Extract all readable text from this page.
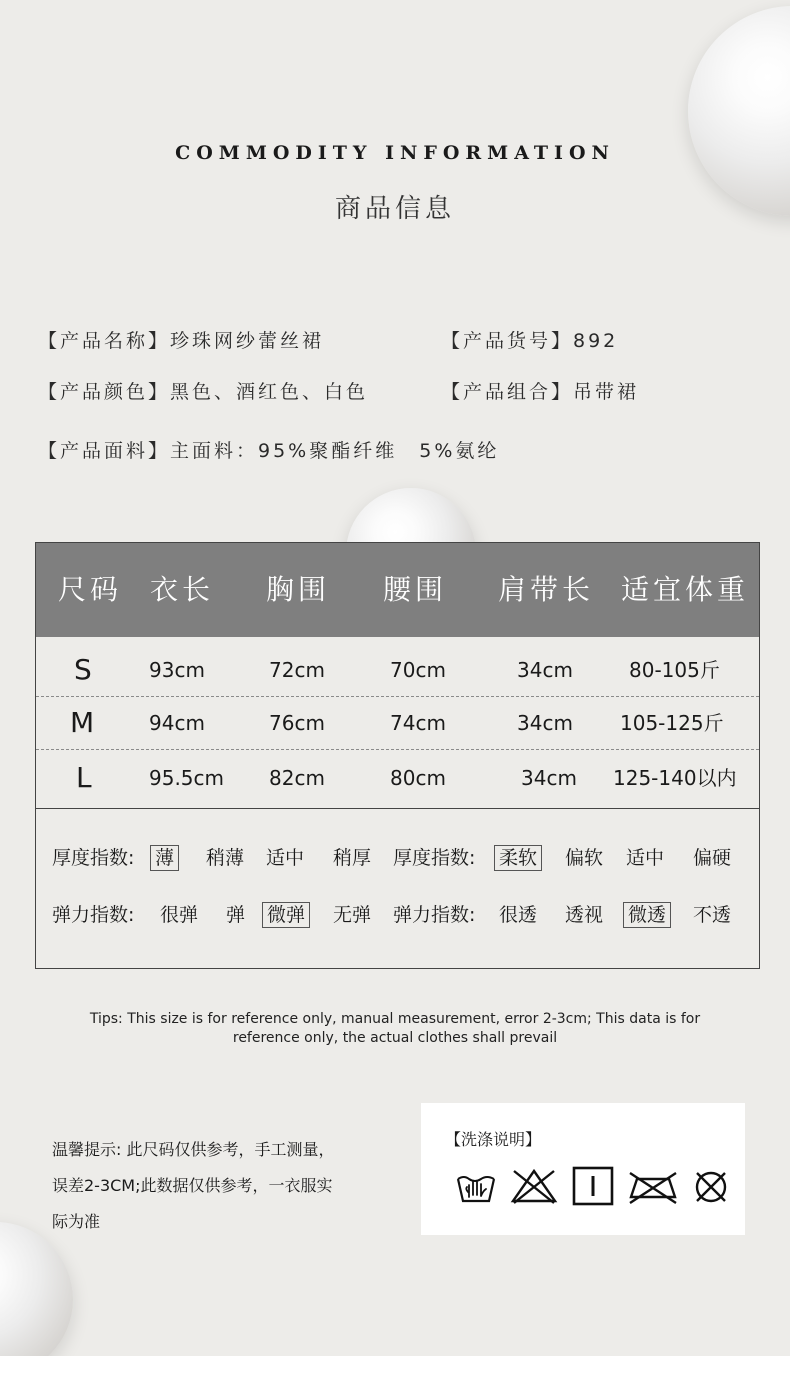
COMMODITY INFORMATION
商品信息
【产品名称】珍珠网纱蕾丝裙	【产品货号】892
【产品颜色】黑色、酒红色、白色	【产品组合】吊带裙
【产品面料】主面料：95%聚酯纤维　5%氨纶
尺码 衣长 胸围 腰围 肩带长 适宜体重
S	93cm	72cm	70cm	34cm	80-105斤
M	94cm	76cm	74cm	34cm 105-125斤
L	95.5cm 82cm	80cm	34cm 125-140以内
厚度指数: 薄 稍薄 适中 稍厚 厚度指数: 柔软 偏软 适中 偏硬
弹力指数: 很弹 弹 微弹 无弹 弹力指数: 很透 透视 微透 不透
Tips: This size is for reference only, manual measurement, error 2-3cm; This data is for
reference only, the actual clothes shall prevail
温馨提示: 此尺码仅供参考，手工测量，
误差2-3CM;此数据仅供参考，一衣服实
际为准
【洗涤说明】
